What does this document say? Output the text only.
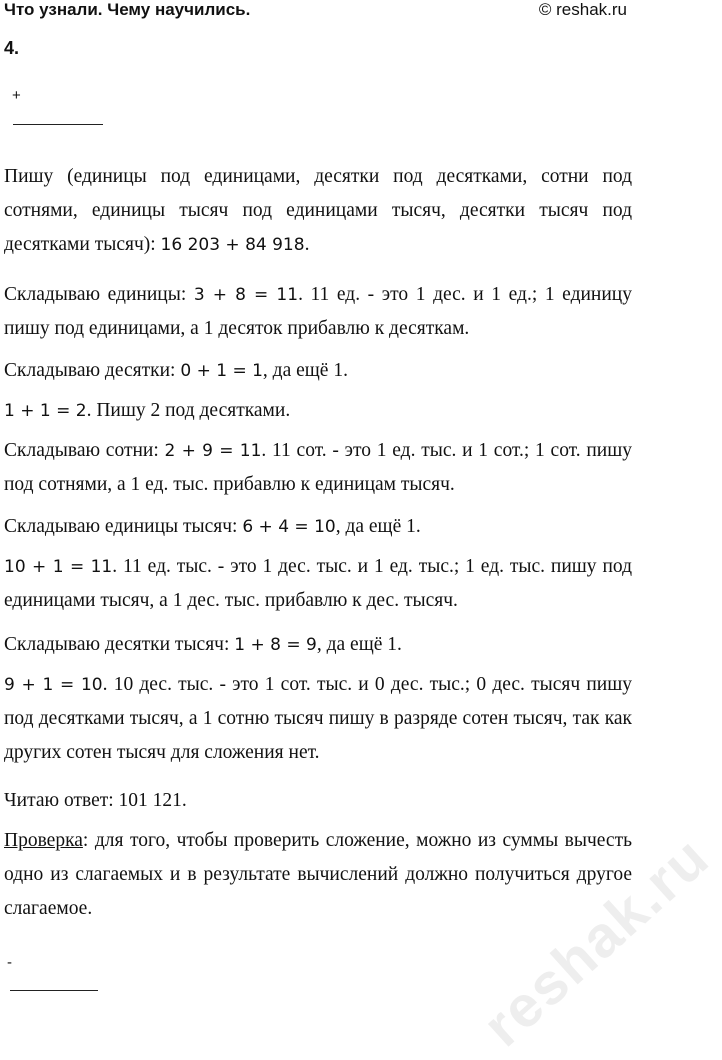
Что узнали. Чему научились.	© reshak.ru
4.
+
Пишу (единицы под единицами, десятки под десятками, сотни под сотнями, единицы тысяч под единицами тысяч, десятки тысяч под десятками тысяч): 16 203 + 84 918.
Складываю единицы: 3 + 8 = 11. 11 ед. - это 1 дес. и 1 ед.; 1 единицу пишу под единицами, а 1 десяток прибавлю к десяткам.
Складываю десятки: 0 + 1 = 1, да ещё 1.
1 + 1 = 2. Пишу 2 под десятками.
Складываю сотни: 2 + 9 = 11. 11 сот. - это 1 ед. тыс. и 1 сот.; 1 сот. пишу под сотнями, а 1 ед. тыс. прибавлю к единицам тысяч.
Складываю единицы тысяч: 6 + 4 = 10, да ещё 1.
10 + 1 = 11. 11 ед. тыс. - это 1 дес. тыс. и 1 ед. тыс.; 1 ед. тыс. пишу под единицами тысяч, а 1 дес. тыс. прибавлю к дес. тысяч.
Складываю десятки тысяч: 1 + 8 = 9, да ещё 1.
9 + 1 = 10. 10 дес. тыс. - это 1 сот. тыс. и 0 дес. тыс.; 0 дес. тысяч пишу под десятками тысяч, а 1 сотню тысяч пишу в разряде сотен тысяч, так как других сотен тысяч для сложения нет.
Читаю ответ: 101 121.
Проверка: для того, чтобы проверить сложение, можно из суммы вычесть одно из слагаемых и в результате вычислений должно получиться другое слагаемое.
-	reshak.ru
